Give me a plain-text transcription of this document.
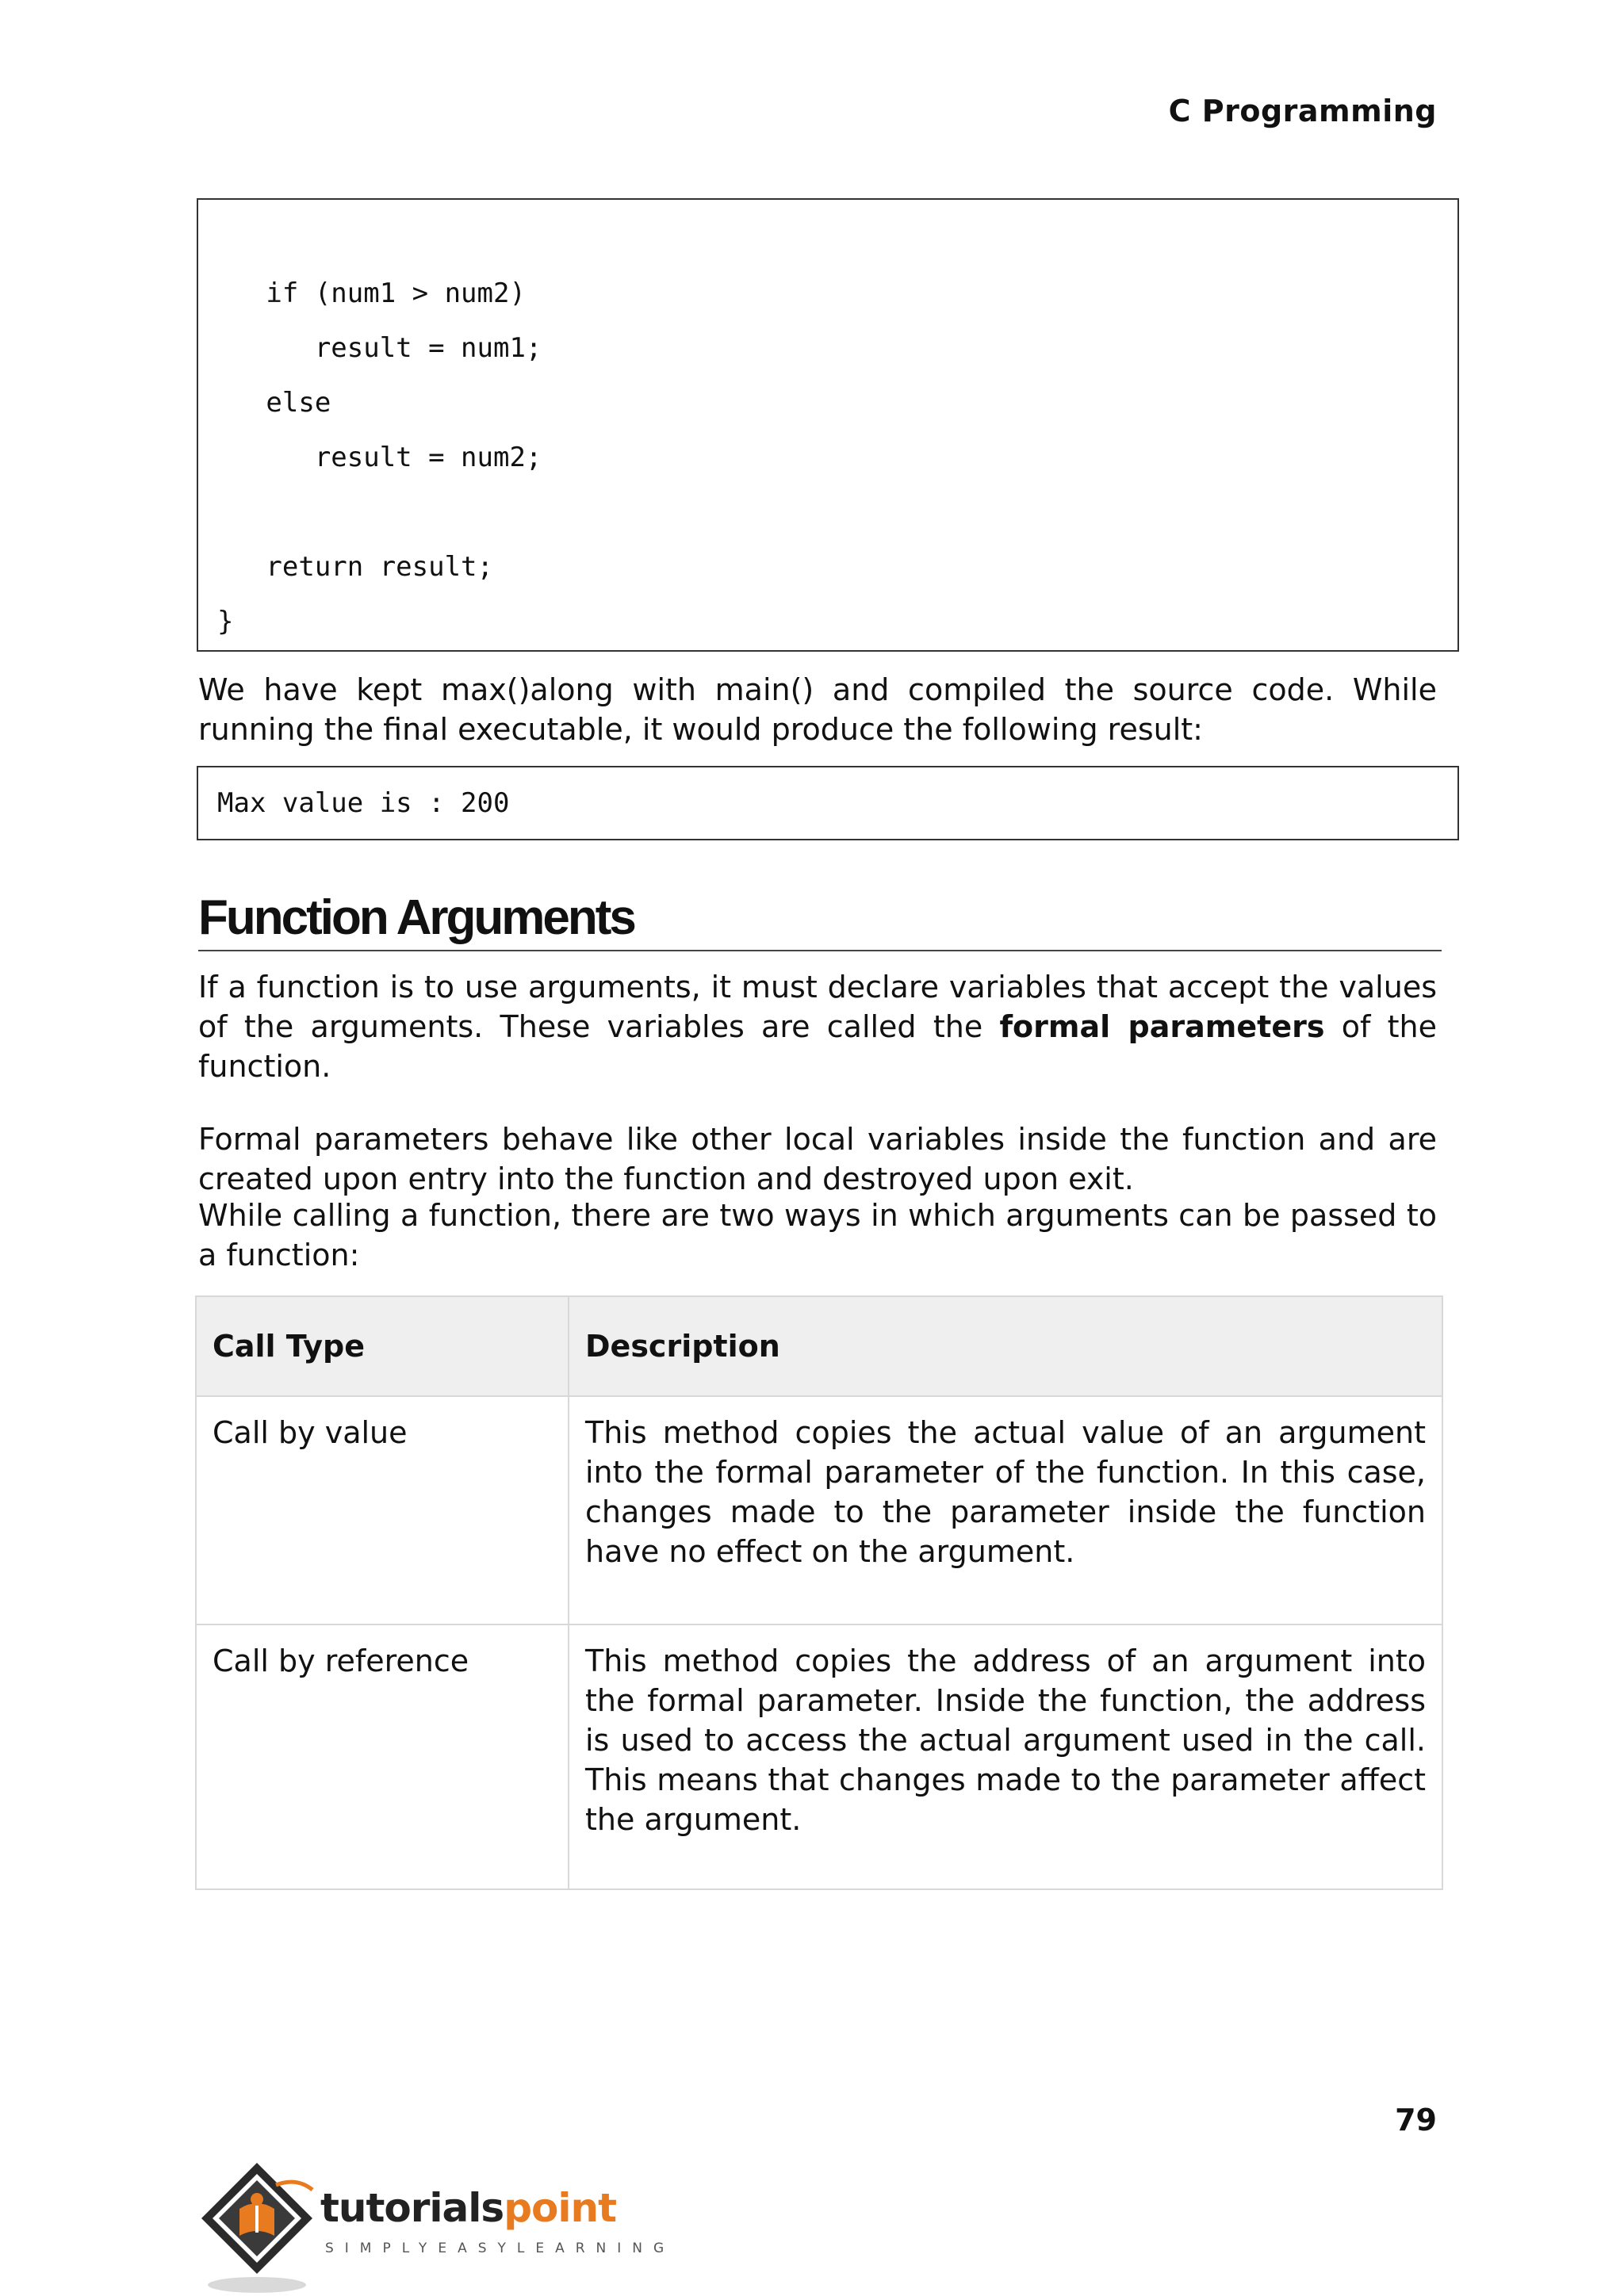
C Programming
if (num1 > num2)
result = num1;
else
result = num2;
return result;
}
We have kept max()along with main() and compiled the source code. While running the final executable, it would produce the following result:
Max value is : 200
Function Arguments
If a function is to use arguments, it must declare variables that accept the values of the arguments. These variables are called the formal parameters of the function.
Formal parameters behave like other local variables inside the function and are created upon entry into the function and destroyed upon exit.
While calling a function, there are two ways in which arguments can be passed to a function:
Call Type	Description
Call by value	This method copies the actual value of an argument into the formal parameter of the function. In this case, changes made to the parameter inside the function have no effect on the argument.
Call by reference	This method copies the address of an argument into the formal parameter. Inside the function, the address is used to access the actual argument used in the call. This means that changes made to the parameter affect the argument.
79
tutorialspoint
SIMPLYEASYLEARNING
